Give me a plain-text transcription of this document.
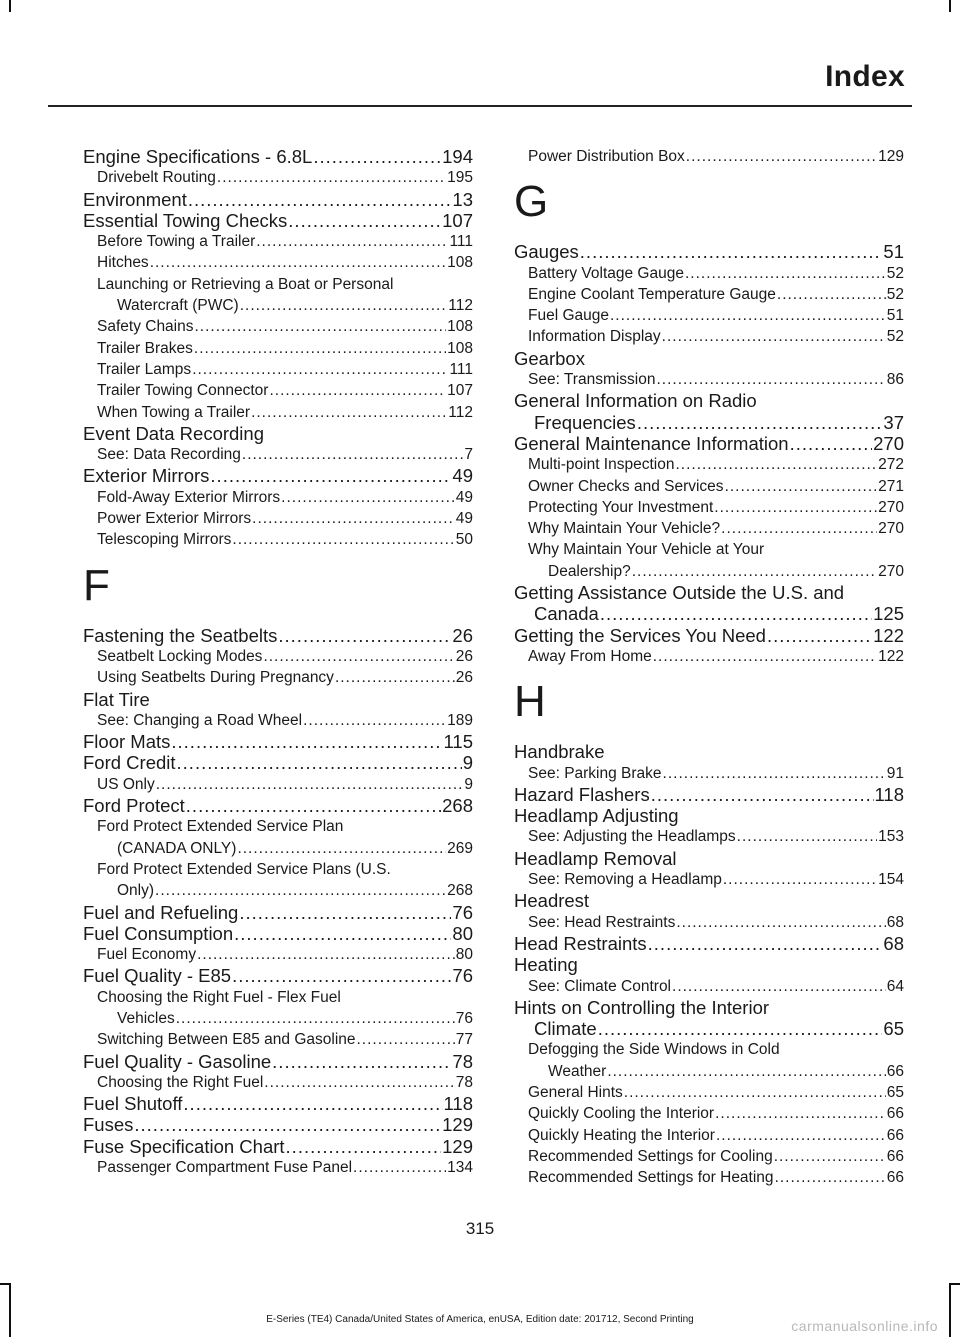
Index
Engine Specifications - 6.8L .....	194
Drivebelt Routing .....	195
Environment .....	13
Essential Towing Checks .....	107
Before Towing a Trailer .....	111
Hitches .....	108
Launching or Retrieving a Boat or Personal
Watercraft (PWC) .....	112
Safety Chains .....	108
Trailer Brakes .....	108
Trailer Lamps .....	111
Trailer Towing Connector .....	107
When Towing a Trailer .....	112
Event Data Recording
See: Data Recording .....	7
Exterior Mirrors .....	49
Fold-Away Exterior Mirrors .....	49
Power Exterior Mirrors .....	49
Telescoping Mirrors .....	50
F
Fastening the Seatbelts .....	26
Seatbelt Locking Modes .....	26
Using Seatbelts During Pregnancy .....	26
Flat Tire
See: Changing a Road Wheel .....	189
Floor Mats .....	115
Ford Credit .....	9
US Only .....	9
Ford Protect .....	268
Ford Protect Extended Service Plan
(CANADA ONLY) .....	269
Ford Protect Extended Service Plans (U.S.
Only) .....	268
Fuel and Refueling .....	76
Fuel Consumption .....	80
Fuel Economy .....	80
Fuel Quality - E85 .....	76
Choosing the Right Fuel - Flex Fuel
Vehicles .....	76
Switching Between E85 and Gasoline .....	77
Fuel Quality - Gasoline .....	78
Choosing the Right Fuel .....	78
Fuel Shutoff .....	118
Fuses .....	129
Fuse Specification Chart .....	129
Passenger Compartment Fuse Panel .....	134
Power Distribution Box .....	129
G
Gauges .....	51
Battery Voltage Gauge .....	52
Engine Coolant Temperature Gauge .....	52
Fuel Gauge .....	51
Information Display .....	52
Gearbox
See: Transmission .....	86
General Information on Radio
Frequencies .....	37
General Maintenance Information .....	270
Multi-point Inspection .....	272
Owner Checks and Services .....	271
Protecting Your Investment .....	270
Why Maintain Your Vehicle? .....	270
Why Maintain Your Vehicle at Your
Dealership? .....	270
Getting Assistance Outside the U.S. and
Canada .....	125
Getting the Services You Need .....	122
Away From Home .....	122
H
Handbrake
See: Parking Brake .....	91
Hazard Flashers .....	118
Headlamp Adjusting
See: Adjusting the Headlamps .....	153
Headlamp Removal
See: Removing a Headlamp .....	154
Headrest
See: Head Restraints .....	68
Head Restraints .....	68
Heating
See: Climate Control .....	64
Hints on Controlling the Interior
Climate .....	65
Defogging the Side Windows in Cold
Weather .....	66
General Hints .....	65
Quickly Cooling the Interior .....	66
Quickly Heating the Interior .....	66
Recommended Settings for Cooling .....	66
Recommended Settings for Heating .....	66
315
E-Series (TE4) Canada/United States of America, enUSA, Edition date: 201712, Second Printing	carmanualsonline.info
